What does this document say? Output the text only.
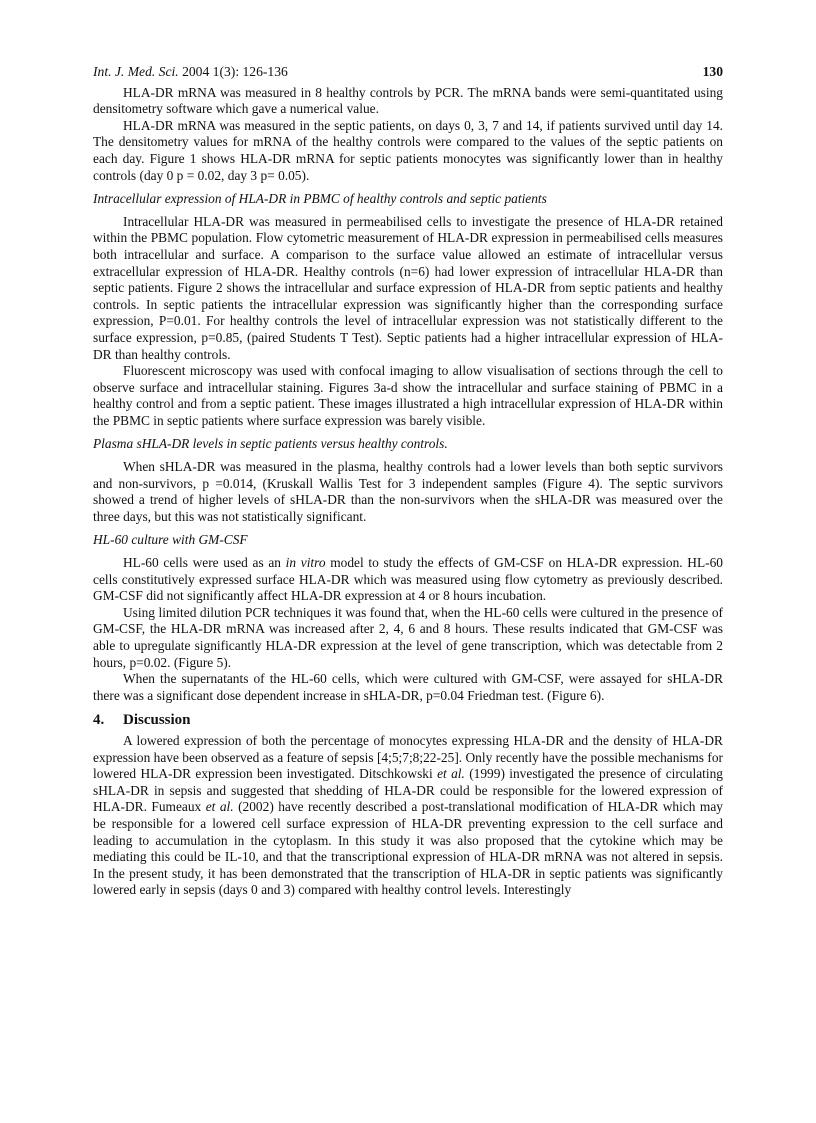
Int. J. Med. Sci. 2004 1(3): 126-136	130

HLA-DR mRNA was measured in 8 healthy controls by PCR. The mRNA bands were semi-quantitated using densitometry software which gave a numerical value.

HLA-DR mRNA was measured in the septic patients, on days 0, 3, 7 and 14, if patients survived until day 14. The densitometry values for mRNA of the healthy controls were compared to the values of the septic patients on each day. Figure 1 shows HLA-DR mRNA for septic patients monocytes was significantly lower than in healthy controls (day 0 p = 0.02, day 3 p= 0.05).

Intracellular expression of HLA-DR in PBMC of healthy controls and septic patients

Intracellular HLA-DR was measured in permeabilised cells to investigate the presence of HLA-DR retained within the PBMC population. Flow cytometric measurement of HLA-DR expression in permeabilised cells measures both intracellular and surface. A comparison to the surface value allowed an estimate of intracellular versus extracellular expression of HLA-DR. Healthy controls (n=6) had lower expression of intracellular HLA-DR than septic patients. Figure 2 shows the intracellular and surface expression of HLA-DR from septic patients and healthy controls. In septic patients the intracellular expression was significantly higher than the corresponding surface expression, P=0.01. For healthy controls the level of intracellular expression was not statistically different to the surface expression, p=0.85, (paired Students T Test). Septic patients had a higher intracellular expression of HLA-DR than healthy controls.

Fluorescent microscopy was used with confocal imaging to allow visualisation of sections through the cell to observe surface and intracellular staining. Figures 3a-d show the intracellular and surface staining of PBMC in a healthy control and from a septic patient. These images illustrated a high intracellular expression of HLA-DR within the PBMC in septic patients where surface expression was barely visible.

Plasma sHLA-DR levels in septic patients versus healthy controls.

When sHLA-DR was measured in the plasma, healthy controls had a lower levels than both septic survivors and non-survivors, p =0.014, (Kruskall Wallis Test for 3 independent samples (Figure 4). The septic survivors showed a trend of higher levels of sHLA-DR than the non-survivors when the sHLA-DR was measured over the three days, but this was not statistically significant.

HL-60 culture with GM-CSF

HL-60 cells were used as an in vitro model to study the effects of GM-CSF on HLA-DR expression. HL-60 cells constitutively expressed surface HLA-DR which was measured using flow cytometry as previously described. GM-CSF did not significantly affect HLA-DR expression at 4 or 8 hours incubation.

Using limited dilution PCR techniques it was found that, when the HL-60 cells were cultured in the presence of GM-CSF, the HLA-DR mRNA was increased after 2, 4, 6 and 8 hours. These results indicated that GM-CSF was able to upregulate significantly HLA-DR expression at the level of gene transcription, which was detectable from 2 hours, p=0.02. (Figure 5).

When the supernatants of the HL-60 cells, which were cultured with GM-CSF, were assayed for sHLA-DR there was a significant dose dependent increase in sHLA-DR, p=0.04 Friedman test. (Figure 6).

4.	Discussion

A lowered expression of both the percentage of monocytes expressing HLA-DR and the density of HLA-DR expression have been observed as a feature of sepsis [4;5;7;8;22-25]. Only recently have the possible mechanisms for lowered HLA-DR expression been investigated. Ditschkowski et al. (1999) investigated the presence of circulating sHLA-DR in sepsis and suggested that shedding of HLA-DR could be responsible for the lowered expression of HLA-DR. Fumeaux et al. (2002) have recently described a post-translational modification of HLA-DR which may be responsible for a lowered cell surface expression of HLA-DR preventing expression to the cell surface and leading to accumulation in the cytoplasm. In this study it was also proposed that the cytokine which may be mediating this could be IL-10, and that the transcriptional expression of HLA-DR mRNA was not altered in sepsis. In the present study, it has been demonstrated that the transcription of HLA-DR in septic patients was significantly lowered early in sepsis (days 0 and 3) compared with healthy control levels. Interestingly
